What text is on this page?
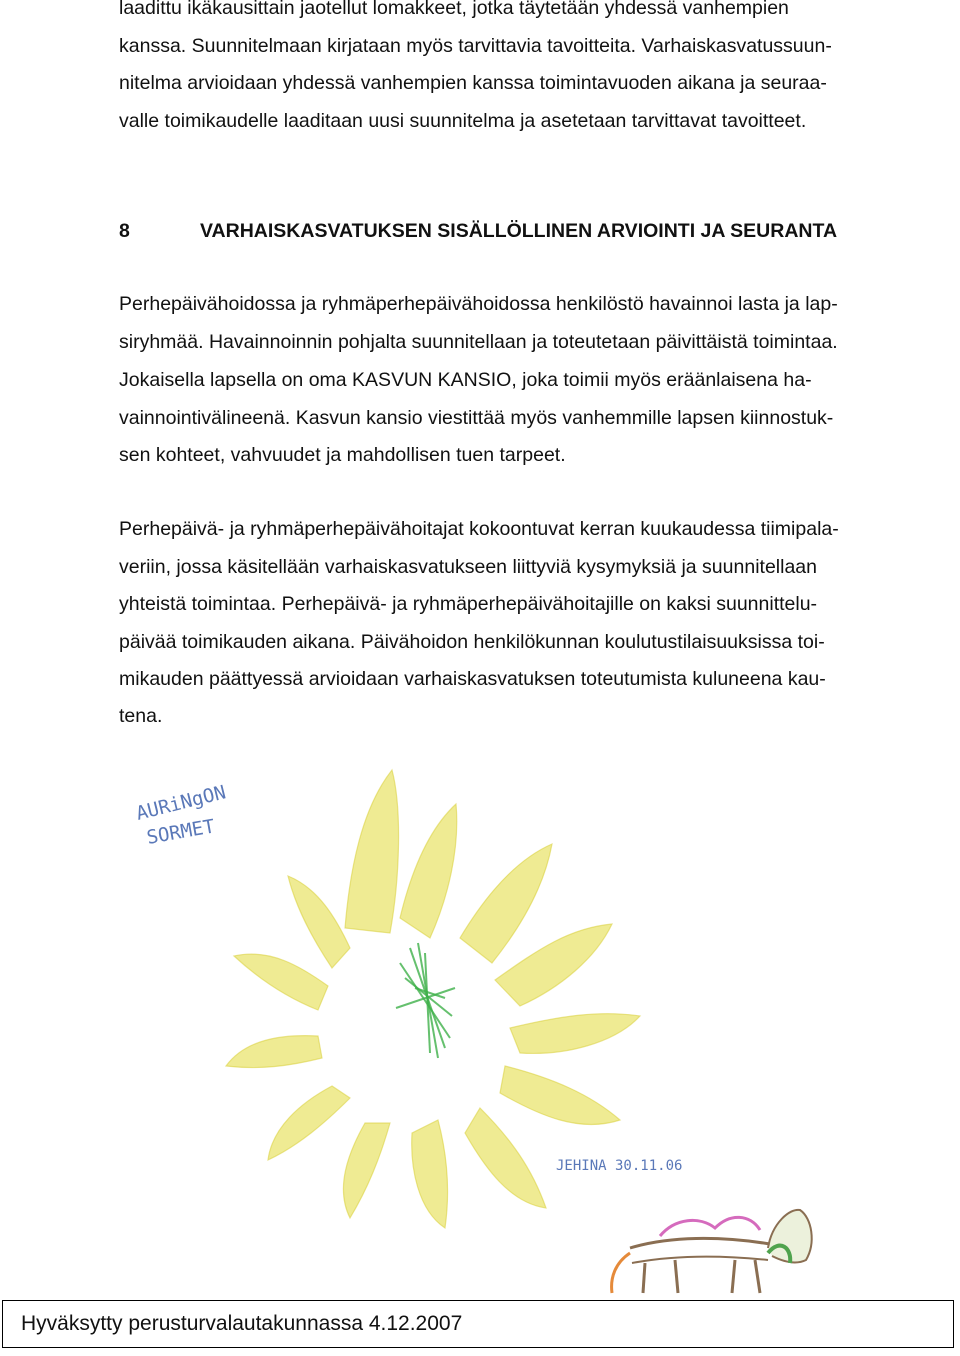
laadittu ikäkausittain jaotellut lomakkeet, jotka täytetään yhdessä vanhempien

kanssa. Suunnitelmaan kirjataan myös tarvittavia tavoitteita. Varhaiskasvatussuun-

nitelma arvioidaan yhdessä vanhempien kanssa toimintavuoden aikana ja seuraa-

valle toimikaudelle laaditaan uusi suunnitelma ja asetetaan tarvittavat tavoitteet.

8	VARHAISKASVATUKSEN SISÄLLÖLLINEN ARVIOINTI JA SEURANTA

Perhepäivähoidossa ja ryhmäperhepäivähoidossa henkilöstö havainnoi lasta ja lap-

siryhmää. Havainnoinnin pohjalta suunnitellaan ja toteutetaan päivittäistä toimintaa.

Jokaisella lapsella on oma KASVUN KANSIO, joka toimii myös eräänlaisena ha-

vainnointivälineenä. Kasvun kansio viestittää myös vanhemmille lapsen kiinnostuk-

sen kohteet, vahvuudet ja mahdollisen tuen tarpeet.

Perhepäivä- ja ryhmäperhepäivähoitajat kokoontuvat kerran kuukaudessa tiimipala-

veriin, jossa käsitellään varhaiskasvatukseen liittyviä kysymyksiä ja suunnitellaan

yhteistä toimintaa. Perhepäivä- ja ryhmäperhepäivähoitajille on kaksi suunnittelu-

päivää toimikauden aikana. Päivähoidon henkilökunnan koulutustilaisuuksissa toi-

mikauden päättyessä arvioidaan varhaiskasvatuksen toteutumista kuluneena kau-

tena.

AURiNgON
SORMET
JEHINA 30.11.06

Hyväksytty perusturvalautakunnassa 4.12.2007
